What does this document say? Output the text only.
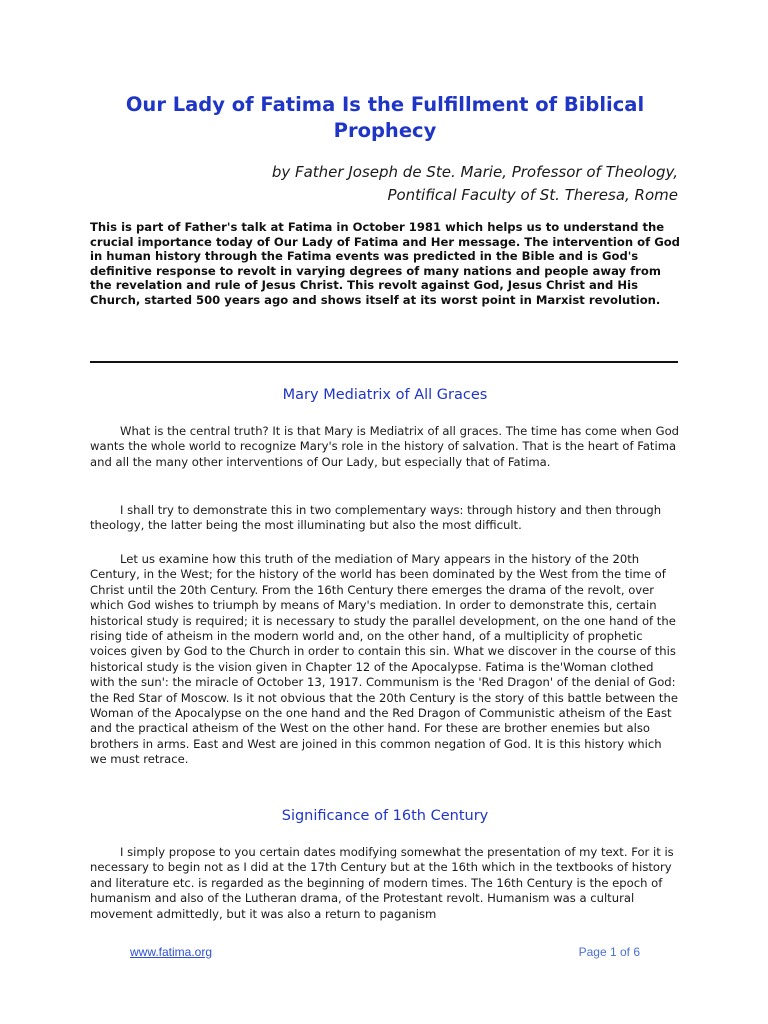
Our Lady of Fatima Is the Fulfillment of Biblical Prophecy
by Father Joseph de Ste. Marie, Professor of Theology,
Pontifical Faculty of St. Theresa, Rome

This is part of Father's talk at Fatima in October 1981 which helps us to understand the crucial importance today of Our Lady of Fatima and Her message. The intervention of God in human history through the Fatima events was predicted in the Bible and is God's definitive response to revolt in varying degrees of many nations and people away from the revelation and rule of Jesus Christ. This revolt against God, Jesus Christ and His Church, started 500 years ago and shows itself at its worst point in Marxist revolution.

Mary Mediatrix of All Graces

What is the central truth? It is that Mary is Mediatrix of all graces. The time has come when God wants the whole world to recognize Mary's role in the history of salvation. That is the heart of Fatima and all the many other interventions of Our Lady, but especially that of Fatima.

I shall try to demonstrate this in two complementary ways: through history and then through theology, the latter being the most illuminating but also the most difficult.

Let us examine how this truth of the mediation of Mary appears in the history of the 20th Century, in the West; for the history of the world has been dominated by the West from the time of Christ until the 20th Century. From the 16th Century there emerges the drama of the revolt, over which God wishes to triumph by means of Mary's mediation. In order to demonstrate this, certain historical study is required; it is necessary to study the parallel development, on the one hand of the rising tide of atheism in the modern world and, on the other hand, of a multiplicity of prophetic voices given by God to the Church in order to contain this sin. What we discover in the course of this historical study is the vision given in Chapter 12 of the Apocalypse. Fatima is the'Woman clothed with the sun': the miracle of October 13, 1917. Communism is the 'Red Dragon' of the denial of God: the Red Star of Moscow. Is it not obvious that the 20th Century is the story of this battle between the Woman of the Apocalypse on the one hand and the Red Dragon of Communistic atheism of the East and the practical atheism of the West on the other hand. For these are brother enemies but also brothers in arms. East and West are joined in this common negation of God. It is this history which we must retrace.

Significance of 16th Century

I simply propose to you certain dates modifying somewhat the presentation of my text. For it is necessary to begin not as I did at the 17th Century but at the 16th which in the textbooks of history and literature etc. is regarded as the beginning of modern times. The 16th Century is the epoch of humanism and also of the Lutheran drama, of the Protestant revolt. Humanism was a cultural movement admittedly, but it was also a return to paganism

www.fatima.org	Page 1 of 6
